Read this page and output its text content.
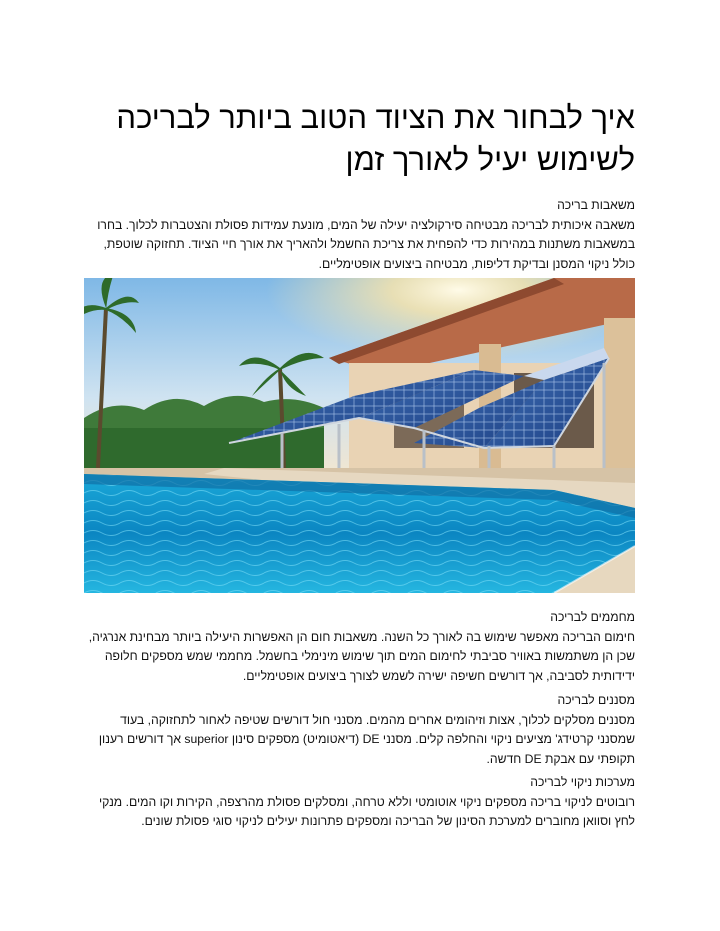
איך לבחור את הציוד הטוב ביותר לבריכה
לשימוש יעיל לאורך זמן
משאבות בריכה
משאבה איכותית לבריכה מבטיחה סירקולציה יעילה של המים, מונעת עמידות פסולת והצטברות לכלוך. בחרו במשאבות משתנות במהירות כדי להפחית את צריכת החשמל ולהאריך את אורך חיי הציוד. תחזוקה שוטפת, כולל ניקוי המסנן ובדיקת דליפות, מבטיחה ביצועים אופטימליים.
מחממים לבריכה
חימום הבריכה מאפשר שימוש בה לאורך כל השנה. משאבות חום הן האפשרות היעילה ביותר מבחינת אנרגיה, שכן הן משתמשות באוויר סביבתי לחימום המים תוך שימוש מינימלי בחשמל. מחממי שמש מספקים חלופה ידידותית לסביבה, אך דורשים חשיפה ישירה לשמש לצורך ביצועים אופטימליים.
מסננים לבריכה
מסננים מסלקים לכלוך, אצות וזיהומים אחרים מהמים. מסנני חול דורשים שטיפה לאחור לתחזוקה, בעוד שמסנני קרטידג' מציעים ניקוי והחלפה קלים. מסנני DE (דיאטומיט) מספקים סינון superior אך דורשים רענון תקופתי עם אבקת DE חדשה.
מערכות ניקוי לבריכה
רובוטים לניקוי בריכה מספקים ניקוי אוטומטי וללא טרחה, ומסלקים פסולת מהרצפה, הקירות וקו המים. מנקי לחץ וסוואן מחוברים למערכת הסינון של הבריכה ומספקים פתרונות יעילים לניקוי סוגי פסולת שונים.
